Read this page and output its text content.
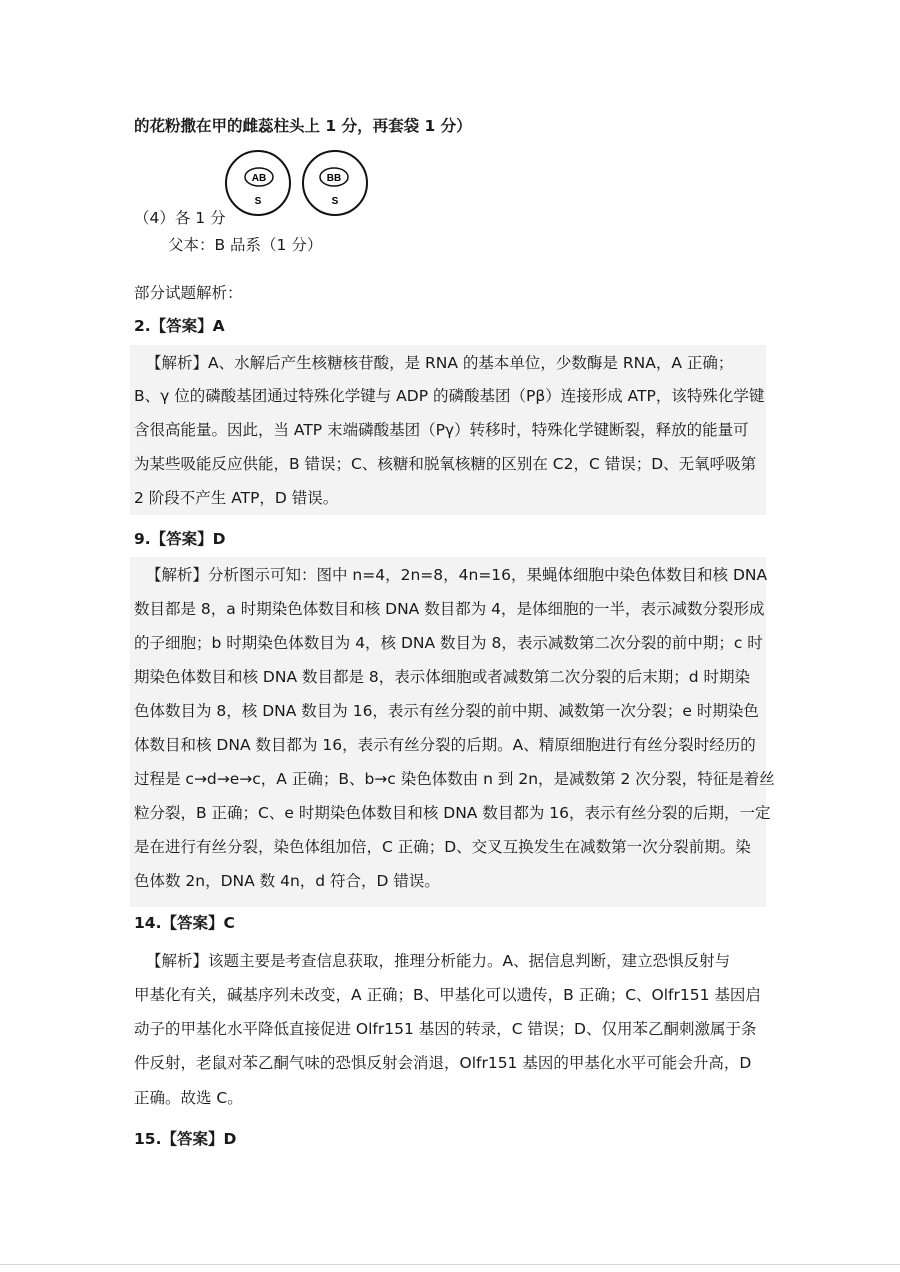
的花粉撒在甲的雌蕊柱头上 1 分，再套袋 1 分）
AB
S
BB
S
（4）各 1 分
父本：B 品系（1 分）
部分试题解析：
2.【答案】A
【解析】A、水解后产生核糖核苷酸，是 RNA 的基本单位，少数酶是 RNA，A 正确；
B、γ 位的磷酸基团通过特殊化学键与 ADP 的磷酸基团（Pβ）连接形成 ATP，该特殊化学键
含很高能量。因此，当 ATP 末端磷酸基团（Pγ）转移时，特殊化学键断裂，释放的能量可
为某些吸能反应供能，B 错误；C、核糖和脱氧核糖的区别在 C2，C 错误；D、无氧呼吸第
2 阶段不产生 ATP，D 错误。
9.【答案】D
【解析】分析图示可知：图中 n=4，2n=8，4n=16，果蝇体细胞中染色体数目和核 DNA
数目都是 8，a 时期染色体数目和核 DNA 数目都为 4，是体细胞的一半，表示减数分裂形成
的子细胞；b 时期染色体数目为 4，核 DNA 数目为 8，表示减数第二次分裂的前中期；c 时
期染色体数目和核 DNA 数目都是 8，表示体细胞或者减数第二次分裂的后末期；d 时期染
色体数目为 8，核 DNA 数目为 16，表示有丝分裂的前中期、减数第一次分裂；e 时期染色
体数目和核 DNA 数目都为 16，表示有丝分裂的后期。A、精原细胞进行有丝分裂时经历的
过程是 c→d→e→c，A 正确；B、b→c 染色体数由 n 到 2n，是减数第 2 次分裂，特征是着丝
粒分裂，B 正确；C、e 时期染色体数目和核 DNA 数目都为 16，表示有丝分裂的后期，一定
是在进行有丝分裂，染色体组加倍，C 正确；D、交叉互换发生在减数第一次分裂前期。染
色体数 2n，DNA 数 4n，d 符合，D 错误。
14.【答案】C
【解析】该题主要是考查信息获取，推理分析能力。A、据信息判断，建立恐惧反射与
甲基化有关，碱基序列未改变，A 正确；B、甲基化可以遗传，B 正确；C、Olfr151 基因启
动子的甲基化水平降低直接促进 Olfr151 基因的转录，C 错误；D、仅用苯乙酮刺激属于条
件反射，老鼠对苯乙酮气味的恐惧反射会消退，Olfr151 基因的甲基化水平可能会升高，D
正确。故选 C。
15.【答案】D
